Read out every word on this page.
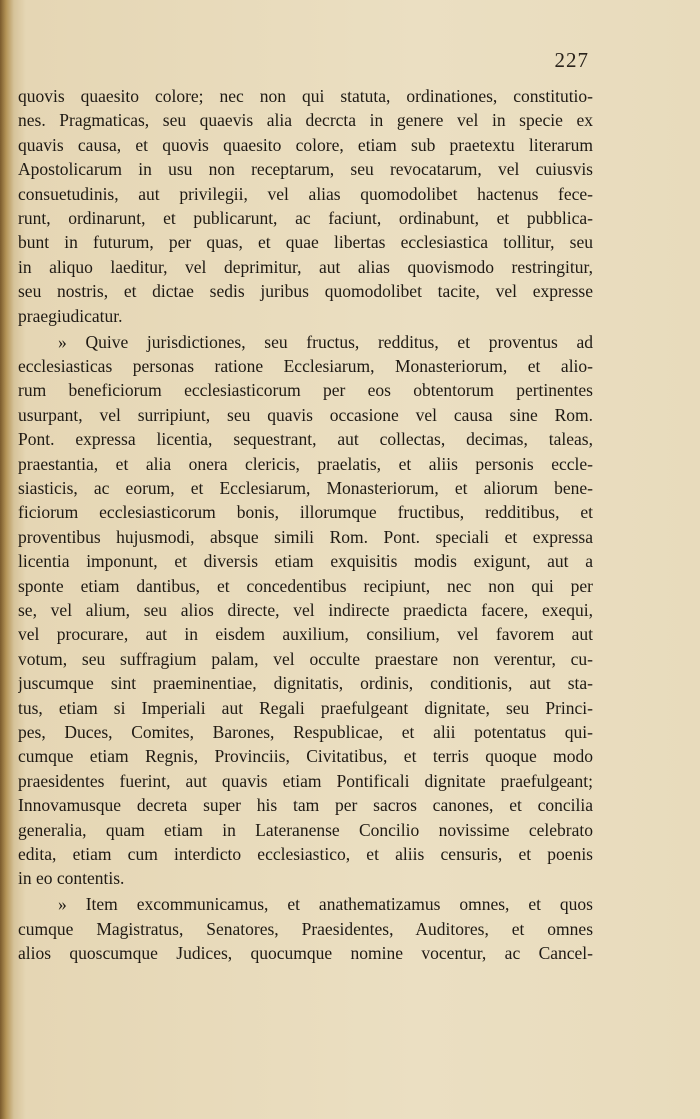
227
quovis quaesito colore; nec non qui statuta, ordinationes, constitutio-
nes. Pragmaticas, seu quaevis alia decrcta in genere vel in specie ex
quavis causa, et quovis quaesito colore, etiam sub praetextu literarum
Apostolicarum in usu non receptarum, seu revocatarum, vel cuiusvis
consuetudinis, aut privilegii, vel alias quomodolibet hactenus fece-
runt, ordinarunt, et publicarunt, ac faciunt, ordinabunt, et pubblica-
bunt in futurum, per quas, et quae libertas ecclesiastica tollitur, seu
in aliquo laeditur, vel deprimitur, aut alias quovismodo restringitur,
seu nostris, et dictae sedis juribus quomodolibet tacite, vel expresse
praegiudicatur.
» Quive jurisdictiones, seu fructus, redditus, et proventus ad
ecclesiasticas personas ratione Ecclesiarum, Monasteriorum, et alio-
rum beneficiorum ecclesiasticorum per eos obtentorum pertinentes
usurpant, vel surripiunt, seu quavis occasione vel causa sine Rom.
Pont. expressa licentia, sequestrant, aut collectas, decimas, taleas,
praestantia, et alia onera clericis, praelatis, et aliis personis eccle-
siasticis, ac eorum, et Ecclesiarum, Monasteriorum, et aliorum bene-
ficiorum ecclesiasticorum bonis, illorumque fructibus, redditibus, et
proventibus hujusmodi, absque simili Rom. Pont. speciali et expressa
licentia imponunt, et diversis etiam exquisitis modis exigunt, aut a
sponte etiam dantibus, et concedentibus recipiunt, nec non qui per
se, vel alium, seu alios directe, vel indirecte praedicta facere, exequi,
vel procurare, aut in eisdem auxilium, consilium, vel favorem aut
votum, seu suffragium palam, vel occulte praestare non verentur, cu-
juscumque sint praeminentiae, dignitatis, ordinis, conditionis, aut sta-
tus, etiam si Imperiali aut Regali praefulgeant dignitate, seu Princi-
pes, Duces, Comites, Barones, Respublicae, et alii potentatus qui-
cumque etiam Regnis, Provinciis, Civitatibus, et terris quoque modo
praesidentes fuerint, aut quavis etiam Pontificali dignitate praefulgeant;
Innovamusque decreta super his tam per sacros canones, et concilia
generalia, quam etiam in Lateranense Concilio novissime celebrato
edita, etiam cum interdicto ecclesiastico, et aliis censuris, et poenis
in eo contentis.
» Item excommunicamus, et anathematizamus omnes, et quos
cumque Magistratus, Senatores, Praesidentes, Auditores, et omnes
alios quoscumque Judices, quocumque nomine vocentur, ac Cancel-
